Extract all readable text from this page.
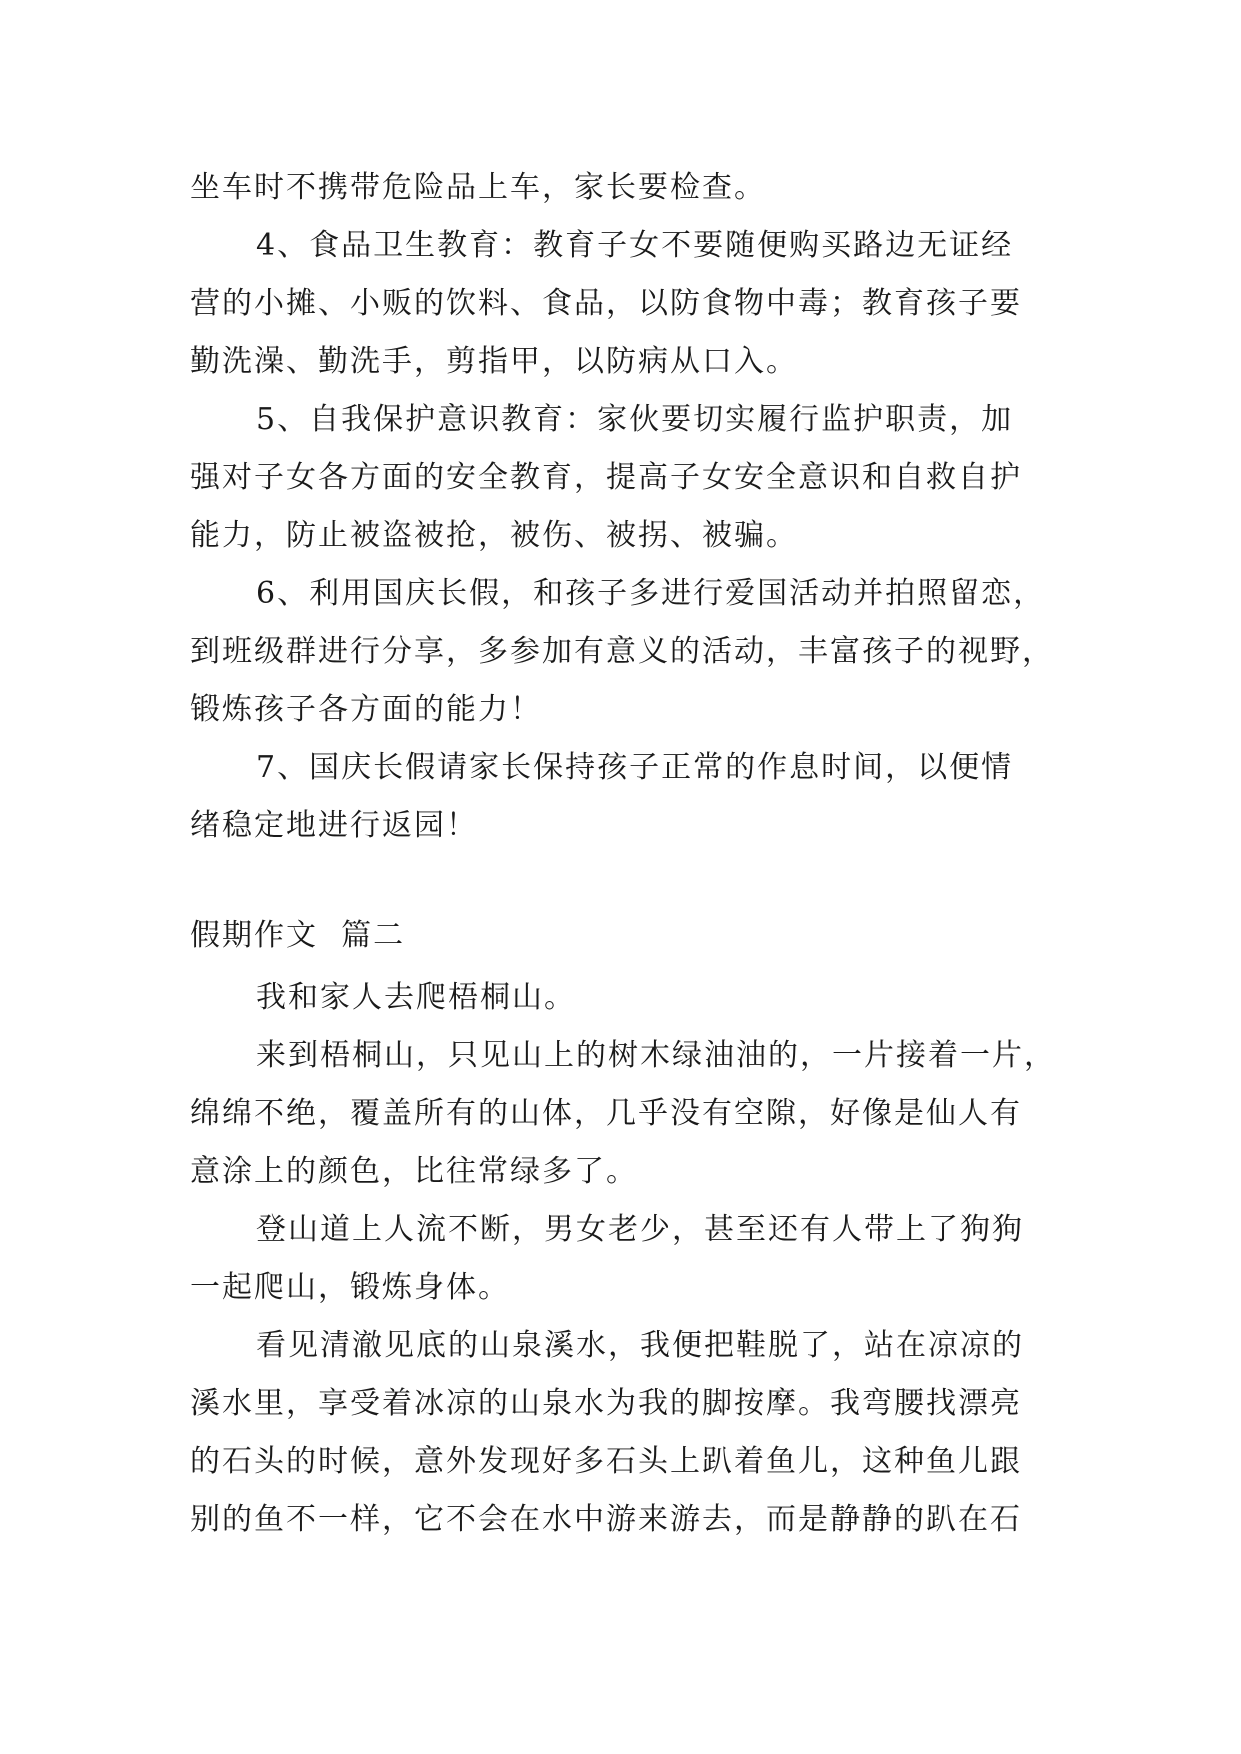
坐车时不携带危险品上车，家长要检查。
4、食品卫生教育：教育子女不要随便购买路边无证经
营的小摊、小贩的饮料、食品，以防食物中毒；教育孩子要
勤洗澡、勤洗手，剪指甲，以防病从口入。
5、自我保护意识教育：家伙要切实履行监护职责，加
强对子女各方面的安全教育，提高子女安全意识和自救自护
能力，防止被盗被抢，被伤、被拐、被骗。
6、利用国庆长假，和孩子多进行爱国活动并拍照留恋，
到班级群进行分享，多参加有意义的活动，丰富孩子的视野，
锻炼孩子各方面的能力！
7、国庆长假请家长保持孩子正常的作息时间，以便情
绪稳定地进行返园！
假期作文  篇二
我和家人去爬梧桐山。
来到梧桐山，只见山上的树木绿油油的，一片接着一片，
绵绵不绝，覆盖所有的山体，几乎没有空隙，好像是仙人有
意涂上的颜色，比往常绿多了。
登山道上人流不断，男女老少，甚至还有人带上了狗狗
一起爬山，锻炼身体。
看见清澈见底的山泉溪水，我便把鞋脱了，站在凉凉的
溪水里，享受着冰凉的山泉水为我的脚按摩。我弯腰找漂亮
的石头的时候，意外发现好多石头上趴着鱼儿，这种鱼儿跟
别的鱼不一样，它不会在水中游来游去，而是静静的趴在石
